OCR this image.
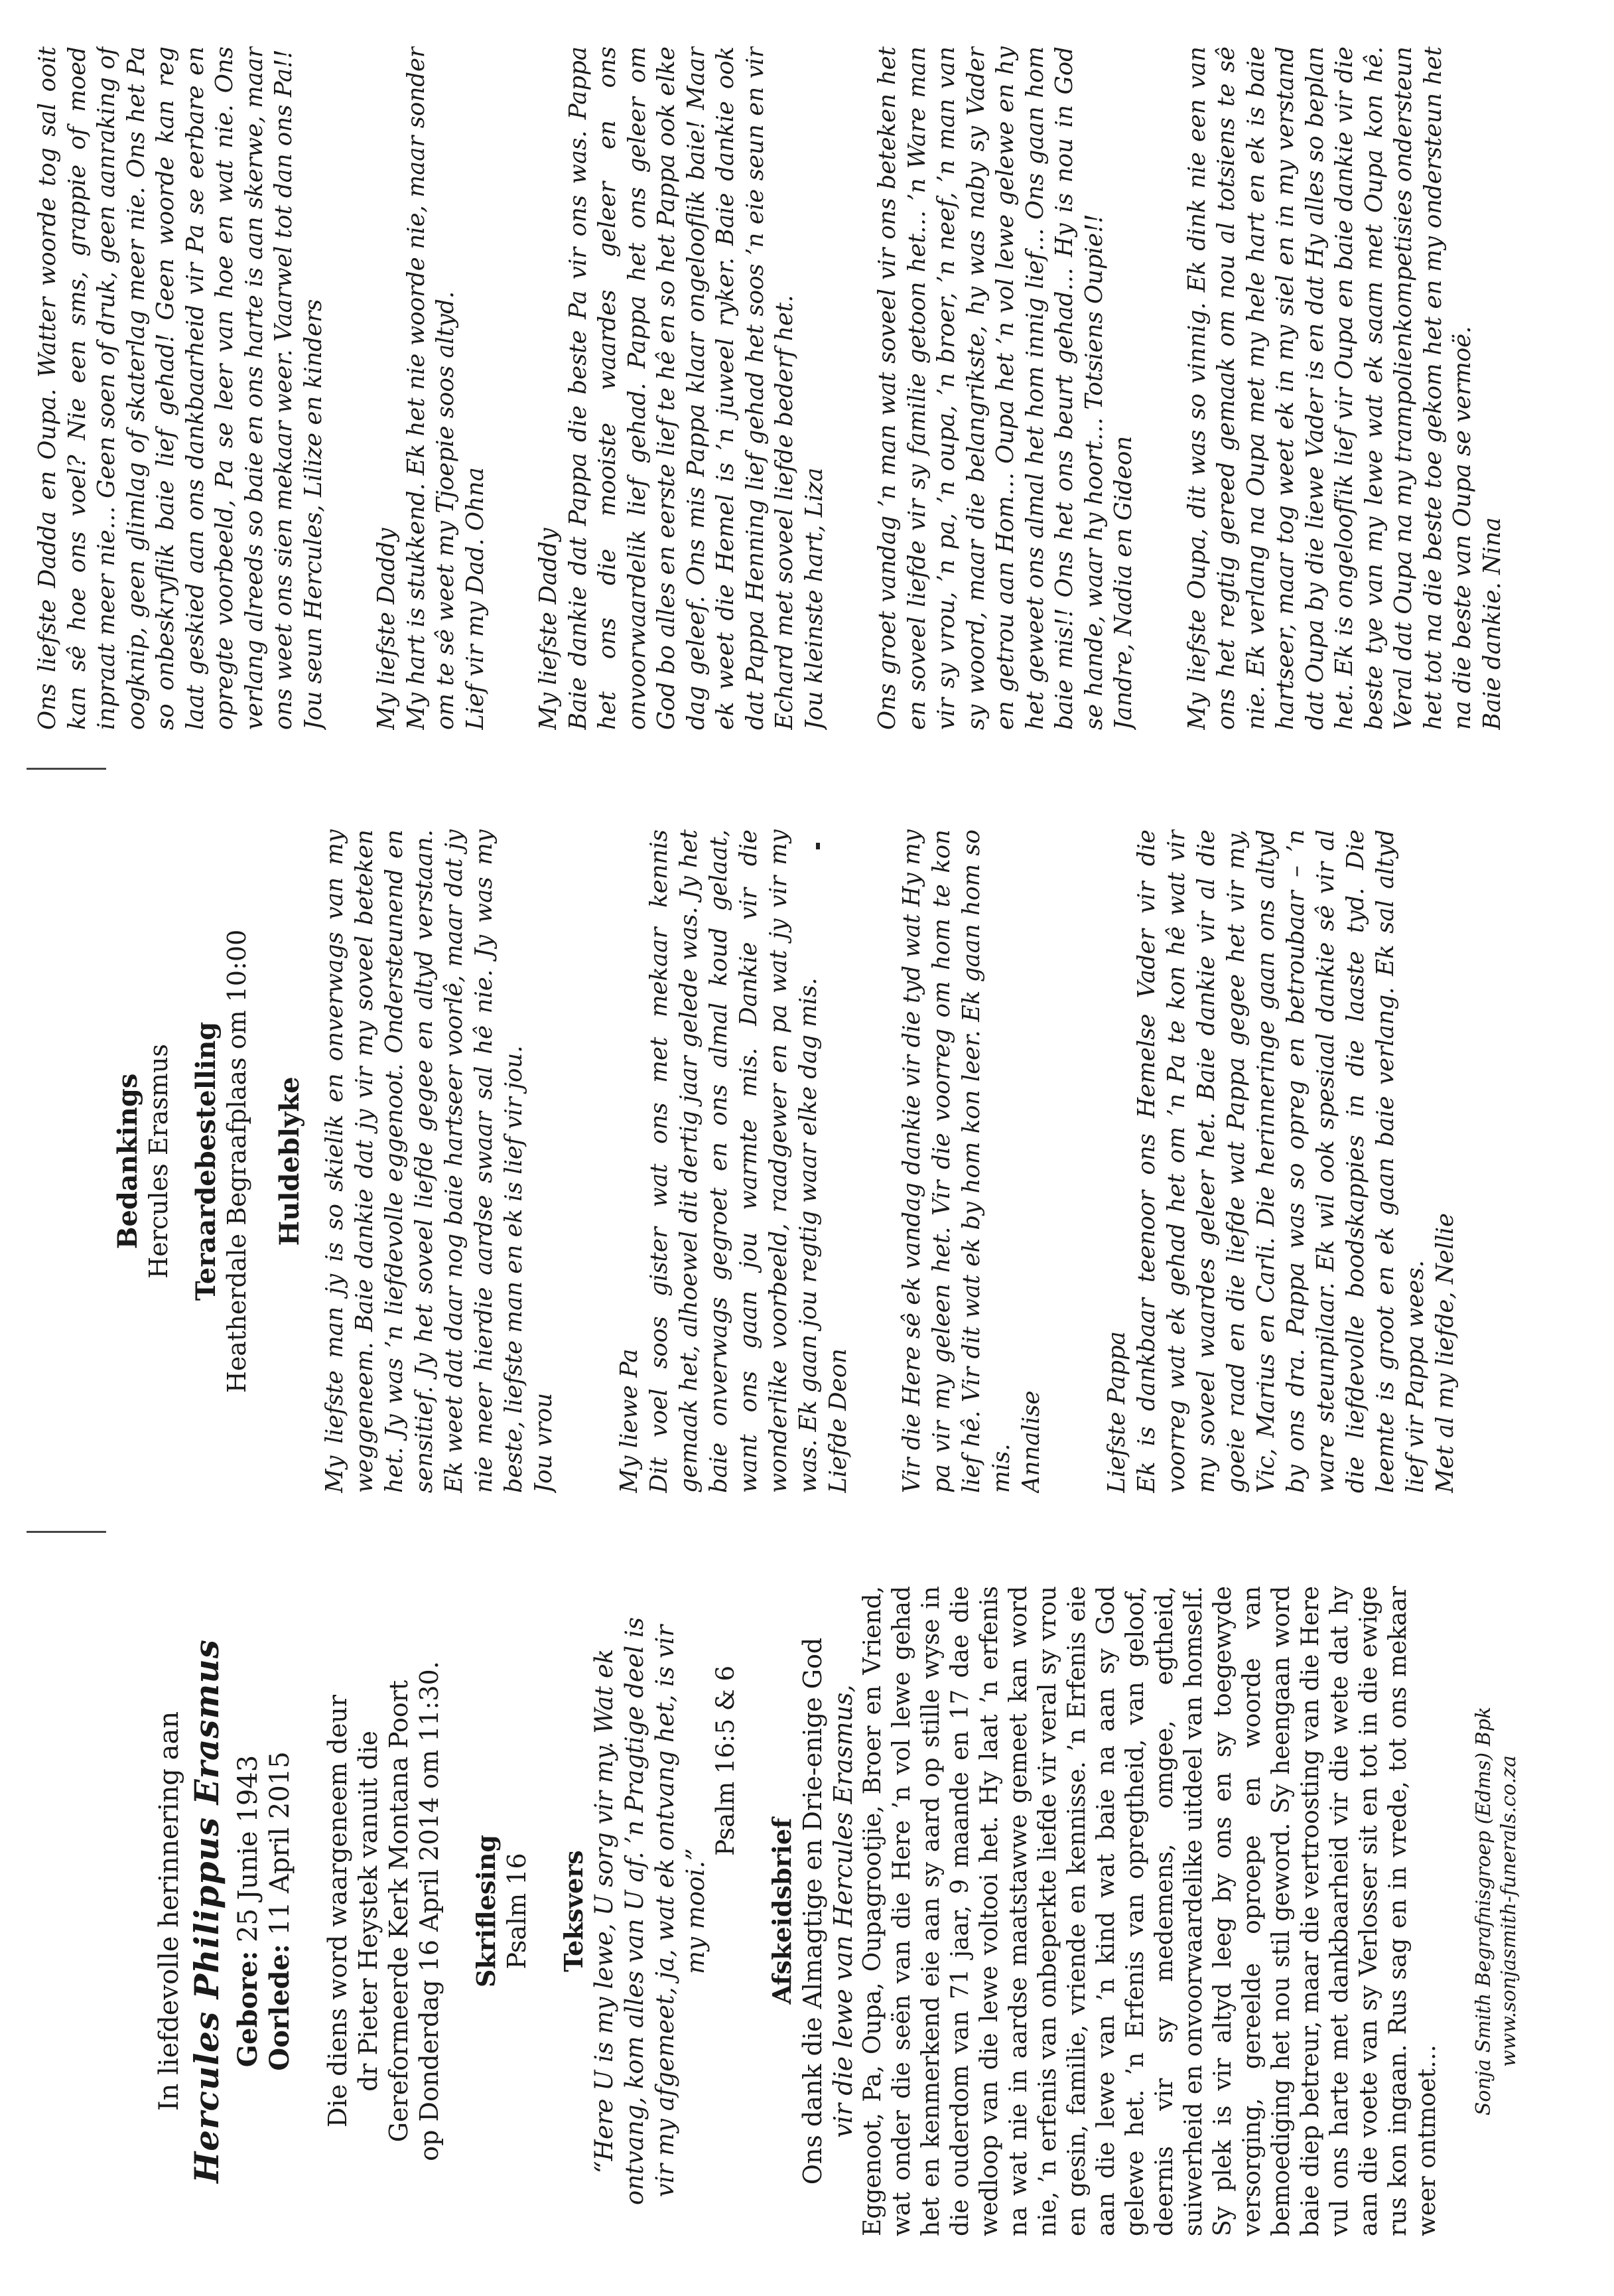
In liefdevolle herinnering aan Hercules Philippus Erasmus Gebore: 25 Junie 1943
Oorlede: 11 April 2015 Die diens word waargeneem deur dr Pieter Heystek vanuit die Gereformeerde Kerk Montana Poort op Donderdag 16 April 2014 om 11:30. Skriflesing Psalm 16 Teksvers “Here U is my lewe, U sorg vir my. Wat ek ontvang, kom alles van U af. ’n Pragtige deel is vir my afgemeet, ja, wat ek ontvang het, is vir my mooi.”
Psalm 16:5 & 6
Afskeidsbrief Ons dank die Almagtige en Drie-enige God vir die lewe van Hercules Erasmus, Eggenoot, Pa, Oupa, Oupagrootjie, Broer en Vriend, wat onder die seën van die Here ’n vol lewe gehad het en kenmerkend eie aan sy aard op stille wyse in die ouderdom van 71 jaar, 9 maande en 17 dae die wedloop van die lewe voltooi het. Hy laat ’n erfenis na wat nie in aardse maatstawwe gemeet kan word nie, ’n erfenis van onbeperkte liefde vir veral sy vrou en gesin, familie, vriende en kennisse. ’n Erfenis eie aan die lewe van ’n kind wat baie na aan sy God gelewe het. ’n Erfenis van opregtheid, van geloof, deernis vir sy medemens, omgee, egtheid, suiwerheid en onvoorwaardelike uitdeel van homself. Sy plek is vir altyd leeg by ons en sy toegewyde versorging, gereelde oproepe en woorde van bemoediging het nou stil geword. Sy heengaan word baie diep betreur, maar die vertroosting van die Here vul ons harte met dankbaarheid vir die wete dat hy aan die voete van sy Verlosser sit en tot in die ewige rus kon ingaan. Rus sag en in vrede, tot ons mekaar weer ontmoet…
Sonja Smith Begrafnisgroep (Edms) Bpk www.sonjasmith-funerals.co.za
Bedankings Hercules Erasmus Teraardebestelling Heatherdale Begraafplaas om 10:00 Huldeblyke My liefste man jy is so skielik en onverwags van my weggeneem. Baie dankie dat jy vir my soveel beteken het. Jy was ’n liefdevolle eggenoot. Ondersteunend en sensitief. Jy het soveel liefde gegee en altyd verstaan. Ek weet dat daar nog baie hartseer voorlê, maar dat jy nie meer hierdie aardse swaar sal hê nie. Jy was my beste, liefste man en ek is lief vir jou. Jou vrou My liewe Pa Dit voel soos gister wat ons met mekaar kennis gemaak het, alhoewel dit dertig jaar gelede was. Jy het baie onverwags gegroet en ons almal koud gelaat, want ons gaan jou warmte mis. Dankie vir die wonderlike voorbeeld, raadgewer en pa wat jy vir my was. Ek gaan jou regtig waar elke dag mis. Liefde Deon Vir die Here sê ek vandag dankie vir die tyd wat Hy my pa vir my geleen het. Vir die voorreg om hom te kon lief hê. Vir dit wat ek by hom kon leer. Ek gaan hom so mis. Annalise Liefste Pappa Ek is dankbaar teenoor ons Hemelse Vader vir die voorreg wat ek gehad het om ’n Pa te kon hê wat vir my soveel waardes geleer het. Baie dankie vir al die goeie raad en die liefde wat Pappa gegee het vir my, Vic, Marius en Carli. Die herinneringe gaan ons altyd by ons dra. Pappa was so opreg en betroubaar – ’n ware steunpilaar. Ek wil ook spesiaal dankie sê vir al die liefdevolle boodskappies in die laaste tyd. Die leemte is groot en ek gaan baie verlang. Ek sal altyd lief vir Pappa wees. Met al my liefde, Nellie

Ons liefste Dadda en Oupa. Watter woorde tog sal ooit kan sê hoe ons voel? Nie een sms, grappie of moed inpraat meer nie… Geen soen of druk, geen aanraking of oogknip, geen glimlag of skaterlag meer nie. Ons het Pa so onbeskryflik baie lief gehad! Geen woorde kan reg laat geskied aan ons dankbaarheid vir Pa se eerbare en opregte voorbeeld, Pa se leer van hoe en wat nie. Ons verlang alreeds so baie en ons harte is aan skerwe, maar ons weet ons sien mekaar weer. Vaarwel tot dan ons Pa!! Jou seun Hercules, Lilize en kinders My liefste Daddy My hart is stukkend. Ek het nie woorde nie, maar sonder om te sê weet my Tjoepie soos altyd. Lief vir my Dad. Ohna My liefste Daddy Baie dankie dat Pappa die beste Pa vir ons was. Pappa het ons die mooiste waardes geleer en ons onvoorwaardelik lief gehad. Pappa het ons geleer om God bo alles en eerste lief te hê en so het Pappa ook elke dag geleef. Ons mis Pappa klaar ongelooflik baie! Maar ek weet die Hemel is ’n juweel ryker. Baie dankie ook dat Pappa Henning lief gehad het soos ’n eie seun en vir Echard met soveel liefde bederf het. Jou kleinste hart, Liza Ons groet vandag ’n man wat soveel vir ons beteken het en soveel liefde vir sy familie getoon het… ’n Ware man vir sy vrou, ’n pa, ’n oupa, ’n broer, ’n neef, ’n man van sy woord, maar die belangrikste, hy was naby sy Vader en getrou aan Hom… Oupa het ’n vol lewe gelewe en hy het geweet ons almal het hom innig lief… Ons gaan hom baie mis!! Ons het ons beurt gehad… Hy is nou in God se hande, waar hy hoort… Totsiens Oupie!! Jandre, Nadia en Gideon My liefste Oupa, dit was so vinnig. Ek dink nie een van ons het regtig gereed gemaak om nou al totsiens te sê nie. Ek verlang na Oupa met my hele hart en ek is baie hartseer, maar tog weet ek in my siel en in my verstand dat Oupa by die liewe Vader is en dat Hy alles so beplan het. Ek is ongeloofľik lief vir Oupa en baie dankie vir die beste tye van my lewe wat ek saam met Oupa kon hê. Veral dat Oupa na my trampolienkompetisies ondersteun het tot na die beste toe gekom het en my ondersteun het na die beste van Oupa se vermoë. Baie dankie. Nina
